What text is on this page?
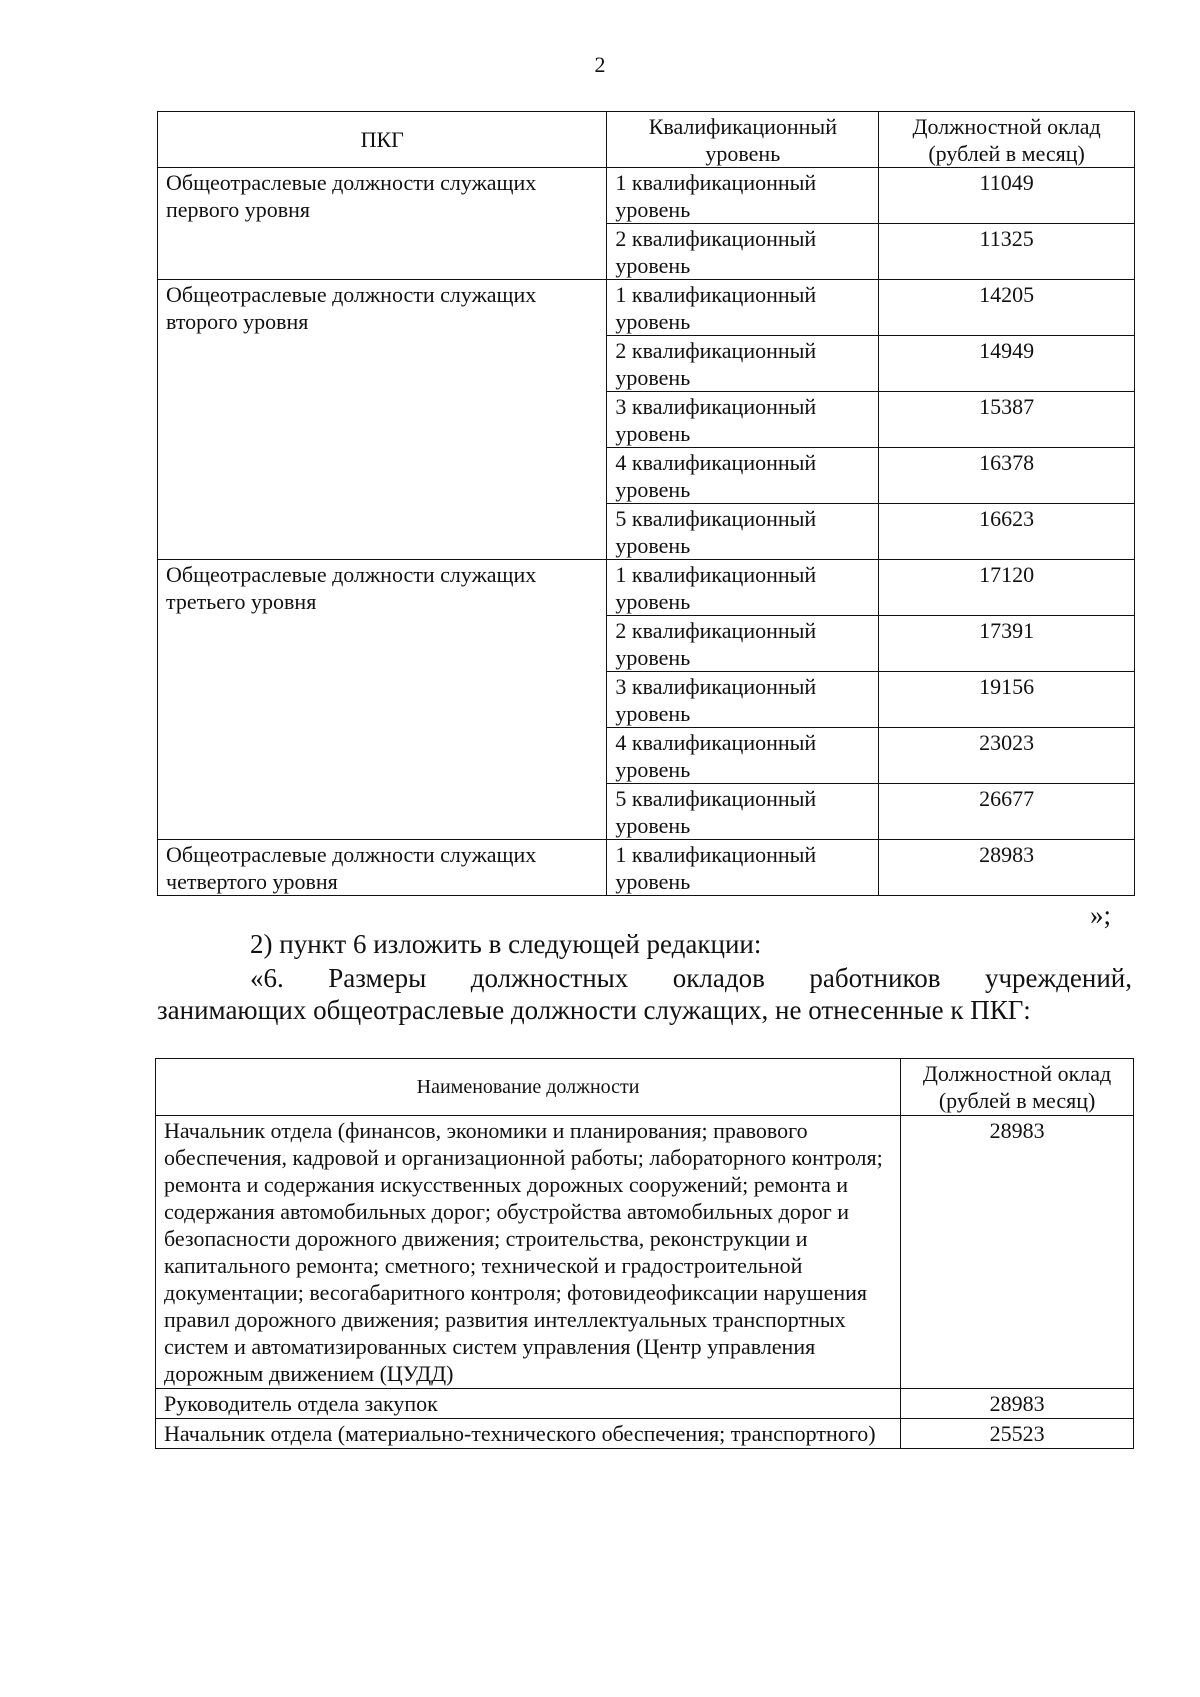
2
ПКГ	Квалификационный уровень	Должностной оклад (рублей в месяц)
Общеотраслевые должности служащих первого уровня	1 квалификационный уровень	11049
	2 квалификационный уровень	11325
Общеотраслевые должности служащих второго уровня	1 квалификационный уровень	14205
	2 квалификационный уровень	14949
	3 квалификационный уровень	15387
	4 квалификационный уровень	16378
	5 квалификационный уровень	16623
Общеотраслевые должности служащих третьего уровня	1 квалификационный уровень	17120
	2 квалификационный уровень	17391
	3 квалификационный уровень	19156
	4 квалификационный уровень	23023
	5 квалификационный уровень	26677
Общеотраслевые должности служащих четвертого уровня	1 квалификационный уровень	28983
»;
2) пункт 6 изложить в следующей редакции:
«6. Размеры должностных окладов работников учреждений,
занимающих общеотраслевые должности служащих, не отнесенные к ПКГ:
Наименование должности	Должностной оклад (рублей в месяц)
Начальник отдела (финансов, экономики и планирования; правового обеспечения, кадровой и организационной работы; лабораторного контроля; ремонта и содержания искусственных дорожных сооружений; ремонта и содержания автомобильных дорог; обустройства автомобильных дорог и безопасности дорожного движения; строительства, реконструкции и капитального ремонта; сметного; технической и градостроительной документации; весогабаритного контроля; фотовидеофиксации нарушения правил дорожного движения; развития интеллектуальных транспортных систем и автоматизированных систем управления (Центр управления дорожным движением (ЦУДД)	28983
Руководитель отдела закупок	28983
Начальник отдела (материально-технического обеспечения; транспортного)	25523
